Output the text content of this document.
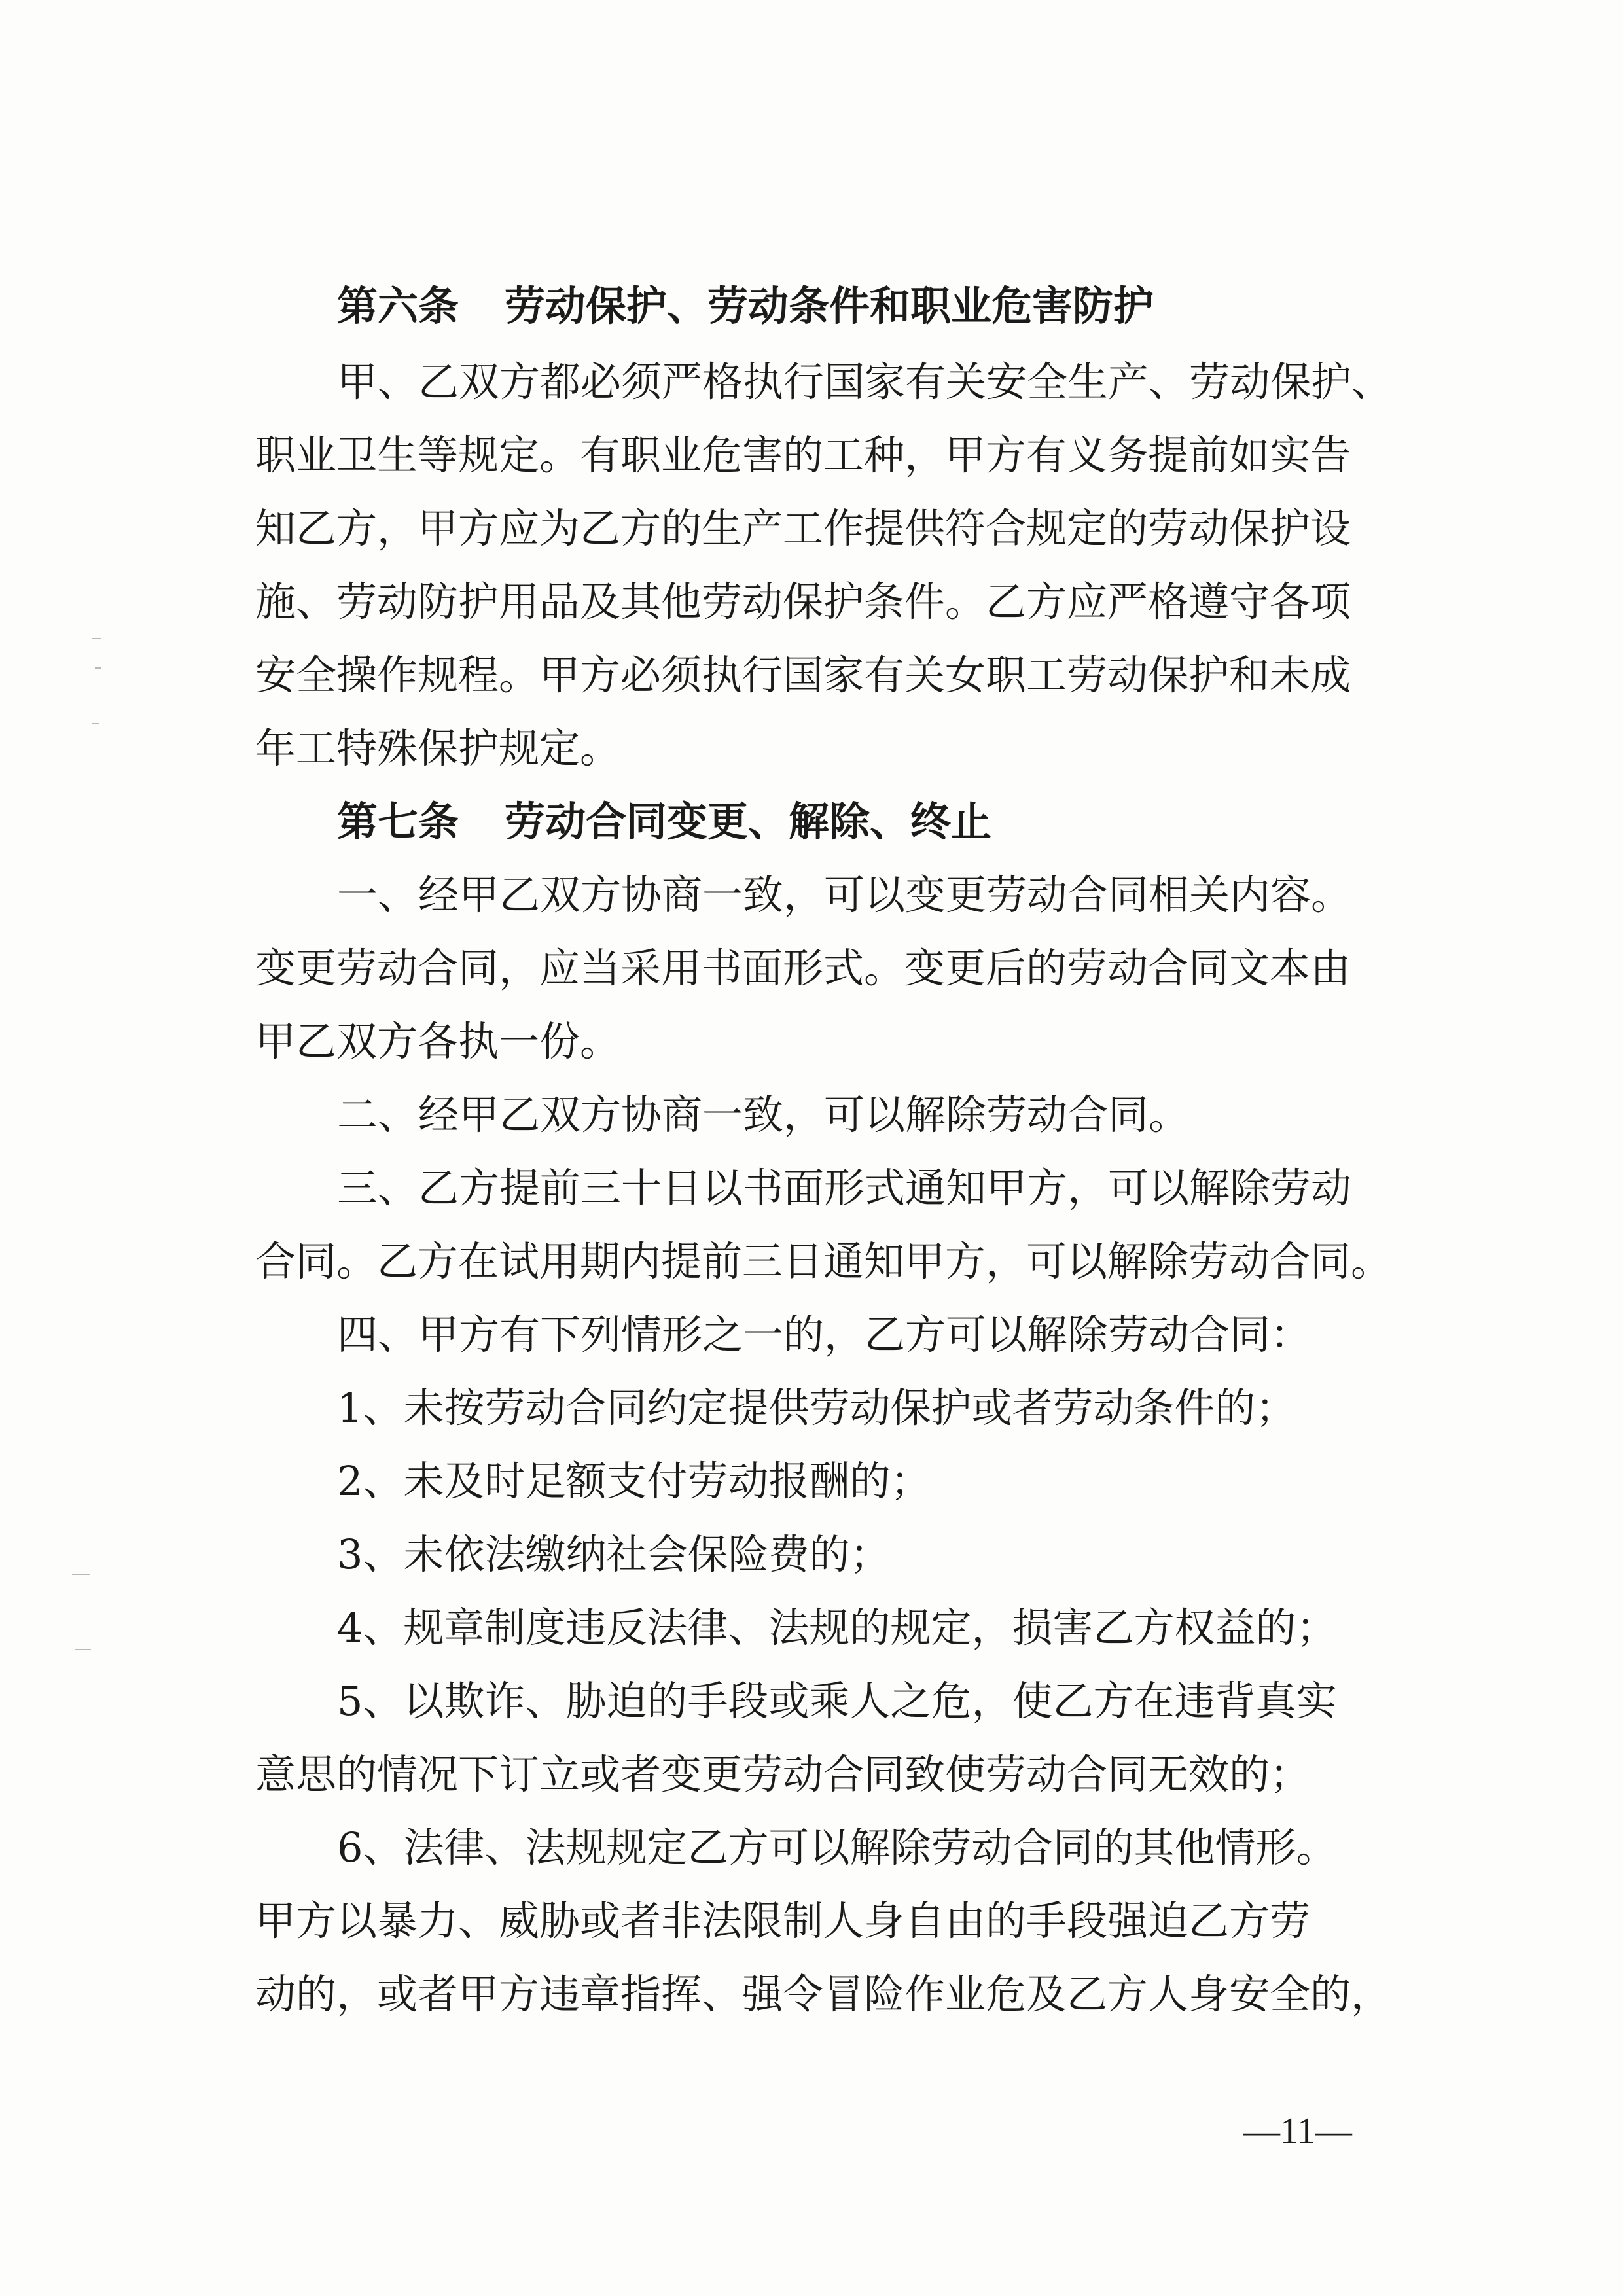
第六条 劳动保护、劳动条件和职业危害防护
甲、乙双方都必须严格执行国家有关安全生产、劳动保护、
职业卫生等规定。有职业危害的工种，甲方有义务提前如实告
知乙方，甲方应为乙方的生产工作提供符合规定的劳动保护设
施、劳动防护用品及其他劳动保护条件。乙方应严格遵守各项
安全操作规程。甲方必须执行国家有关女职工劳动保护和未成
年工特殊保护规定。
第七条 劳动合同变更、解除、终止
一、经甲乙双方协商一致，可以变更劳动合同相关内容。
变更劳动合同，应当采用书面形式。变更后的劳动合同文本由
甲乙双方各执一份。
二、经甲乙双方协商一致，可以解除劳动合同。
三、乙方提前三十日以书面形式通知甲方，可以解除劳动
合同。乙方在试用期内提前三日通知甲方，可以解除劳动合同。
四、甲方有下列情形之一的，乙方可以解除劳动合同：
1、未按劳动合同约定提供劳动保护或者劳动条件的；
2、未及时足额支付劳动报酬的；
3、未依法缴纳社会保险费的；
4、规章制度违反法律、法规的规定，损害乙方权益的；
5、以欺诈、胁迫的手段或乘人之危，使乙方在违背真实
意思的情况下订立或者变更劳动合同致使劳动合同无效的；
6、法律、法规规定乙方可以解除劳动合同的其他情形。
甲方以暴力、威胁或者非法限制人身自由的手段强迫乙方劳
动的，或者甲方违章指挥、强令冒险作业危及乙方人身安全的，
—11—
